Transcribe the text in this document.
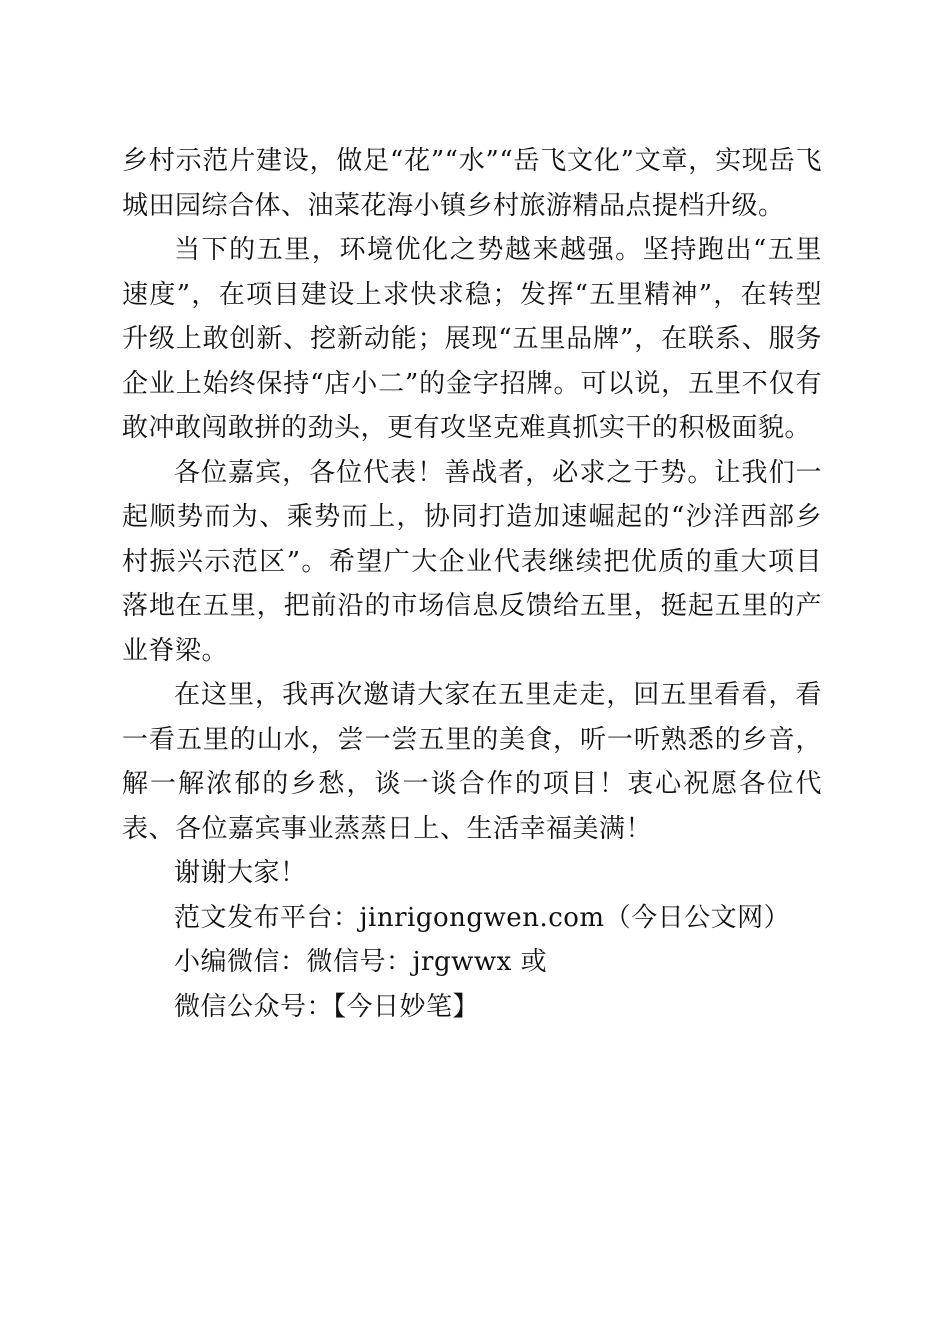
乡村示范片建设，做足“花”“水”“岳飞文化”文章，实现岳飞城田园综合体、油菜花海小镇乡村旅游精品点提档升级。

当下的五里，环境优化之势越来越强。坚持跑出“五里速度”，在项目建设上求快求稳；发挥“五里精神”，在转型升级上敢创新、挖新动能；展现“五里品牌”，在联系、服务企业上始终保持“店小二”的金字招牌。可以说，五里不仅有敢冲敢闯敢拼的劲头，更有攻坚克难真抓实干的积极面貌。

各位嘉宾，各位代表！善战者，必求之于势。让我们一起顺势而为、乘势而上，协同打造加速崛起的“沙洋西部乡村振兴示范区”。希望广大企业代表继续把优质的重大项目落地在五里，把前沿的市场信息反馈给五里，挺起五里的产业脊梁。

在这里，我再次邀请大家在五里走走，回五里看看，看一看五里的山水，尝一尝五里的美食，听一听熟悉的乡音，解一解浓郁的乡愁，谈一谈合作的项目！衷心祝愿各位代表、各位嘉宾事业蒸蒸日上、生活幸福美满！

谢谢大家！

范文发布平台：jinrigongwen.com（今日公文网）

小编微信：微信号：jrgwwx 或

微信公众号：【今日妙笔】
